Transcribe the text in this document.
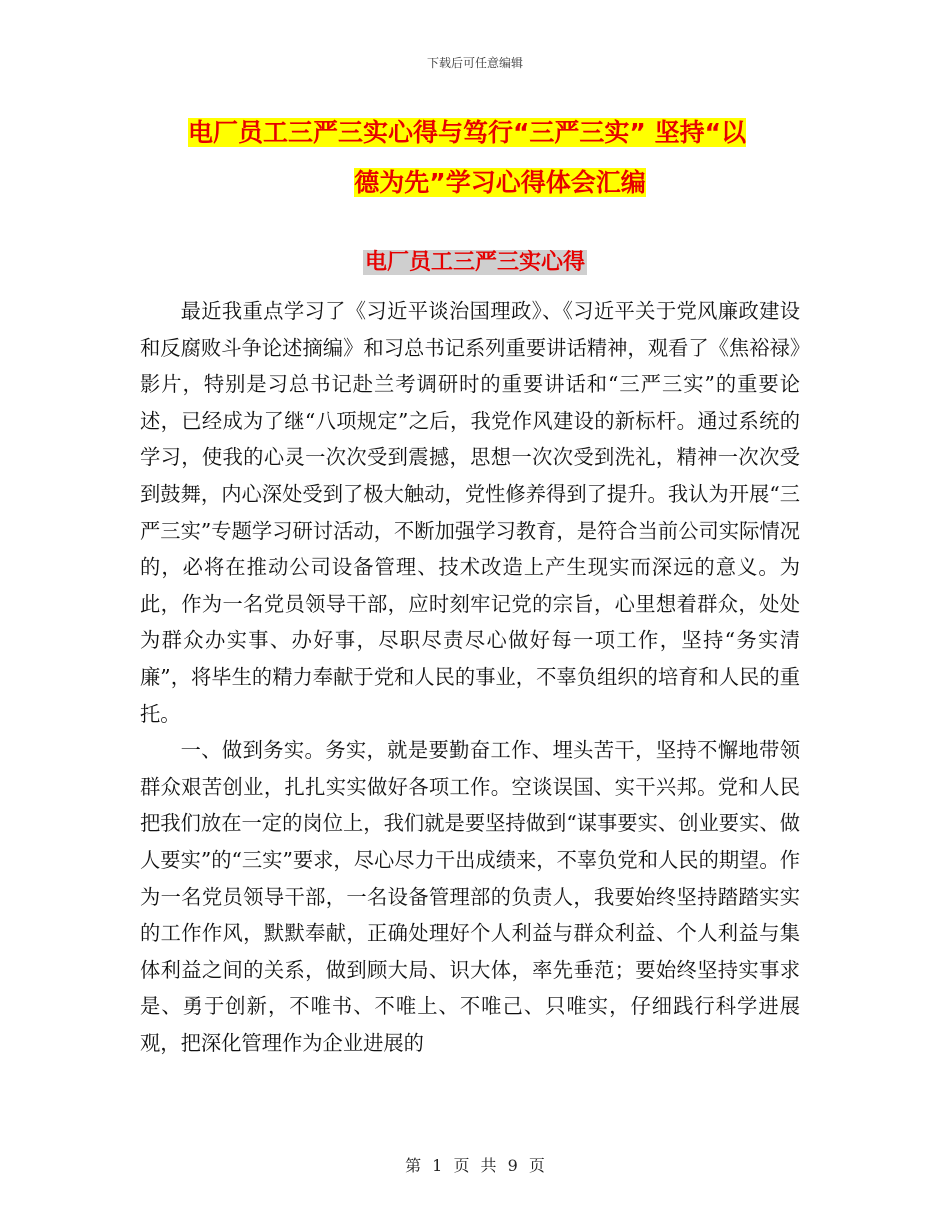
下载后可任意编辑
电厂员工三严三实心得与笃行“三严三实” 坚持“以
德为先”学习心得体会汇编
电厂员工三严三实心得

最近我重点学习了《习近平谈治国理政》、《习近平关于党风廉政建设和反腐败斗争论述摘编》和习总书记系列重要讲话精神，观看了《焦裕禄》影片，特别是习总书记赴兰考调研时的重要讲话和“三严三实”的重要论述，已经成为了继“八项规定”之后，我党作风建设的新标杆。通过系统的学习，使我的心灵一次次受到震撼，思想一次次受到洗礼，精神一次次受到鼓舞，内心深处受到了极大触动，党性修养得到了提升。我认为开展“三严三实”专题学习研讨活动，不断加强学习教育，是符合当前公司实际情况的，必将在推动公司设备管理、技术改造上产生现实而深远的意义。为此，作为一名党员领导干部，应时刻牢记党的宗旨，心里想着群众，处处为群众办实事、办好事，尽职尽责尽心做好每一项工作，坚持“务实清廉”，将毕生的精力奉献于党和人民的事业，不辜负组织的培育和人民的重托。

一、做到务实。务实，就是要勤奋工作、埋头苦干，坚持不懈地带领群众艰苦创业，扎扎实实做好各项工作。空谈误国、实干兴邦。党和人民把我们放在一定的岗位上，我们就是要坚持做到“谋事要实、创业要实、做人要实”的“三实”要求，尽心尽力干出成绩来，不辜负党和人民的期望。作为一名党员领导干部，一名设备管理部的负责人，我要始终坚持踏踏实实的工作作风，默默奉献，正确处理好个人利益与群众利益、个人利益与集体利益之间的关系，做到顾大局、识大体，率先垂范；要始终坚持实事求是、勇于创新，不唯书、不唯上、不唯己、只唯实，仔细践行科学进展观，把深化管理作为企业进展的

第 1 页 共 9 页
